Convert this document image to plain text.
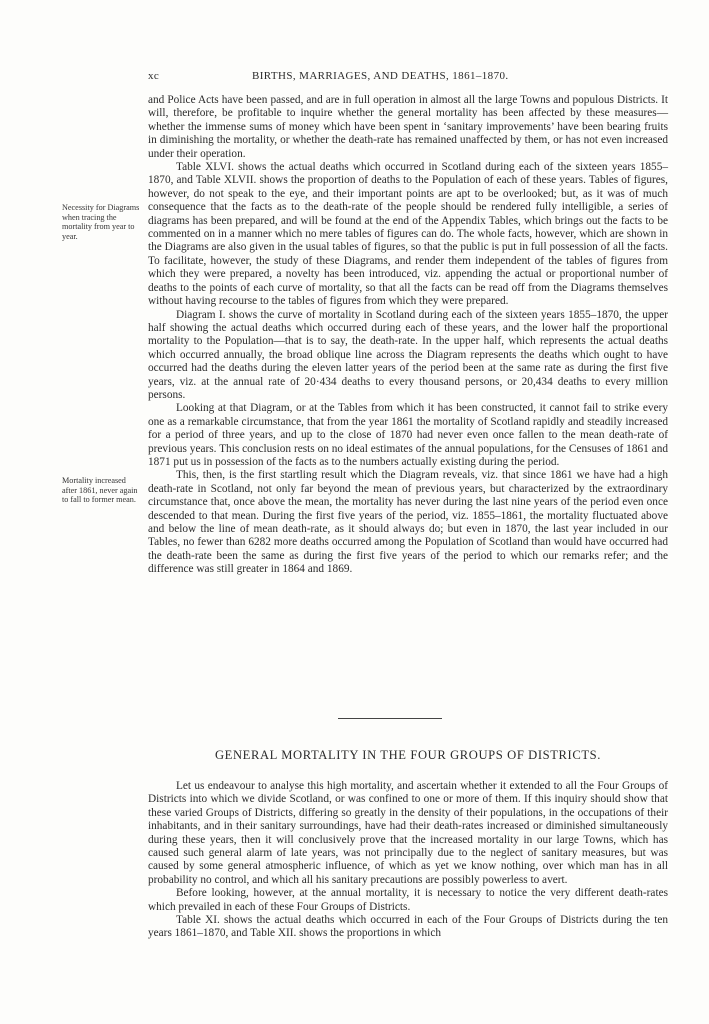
xc	BIRTHS, MARRIAGES, AND DEATHS, 1861–1870.
Necessity for Diagrams when tracing the mortality from year to year.
Mortality increased after 1861, never again to fall to former mean.

and Police Acts have been passed, and are in full operation in almost all the large Towns and populous Districts. It will, therefore, be profitable to inquire whether the general mortality has been affected by these measures—whether the immense sums of money which have been spent in ‘sanitary improvements’ have been bearing fruits in diminishing the mortality, or whether the death-rate has remained unaffected by them, or has not even increased under their operation.

Table XLVI. shows the actual deaths which occurred in Scotland during each of the sixteen years 1855–1870, and Table XLVII. shows the proportion of deaths to the Population of each of these years. Tables of figures, however, do not speak to the eye, and their important points are apt to be overlooked; but, as it was of much consequence that the facts as to the death-rate of the people should be rendered fully intelligible, a series of diagrams has been prepared, and will be found at the end of the Appendix Tables, which brings out the facts to be commented on in a manner which no mere tables of figures can do. The whole facts, however, which are shown in the Diagrams are also given in the usual tables of figures, so that the public is put in full possession of all the facts. To facilitate, however, the study of these Diagrams, and render them independent of the tables of figures from which they were prepared, a novelty has been introduced, viz. appending the actual or proportional number of deaths to the points of each curve of mortality, so that all the facts can be read off from the Diagrams themselves without having recourse to the tables of figures from which they were prepared.

Diagram I. shows the curve of mortality in Scotland during each of the sixteen years 1855–1870, the upper half showing the actual deaths which occurred during each of these years, and the lower half the proportional mortality to the Population—that is to say, the death-rate. In the upper half, which represents the actual deaths which occurred annually, the broad oblique line across the Diagram represents the deaths which ought to have occurred had the deaths during the eleven latter years of the period been at the same rate as during the first five years, viz. at the annual rate of 20·434 deaths to every thousand persons, or 20,434 deaths to every million persons.

Looking at that Diagram, or at the Tables from which it has been constructed, it cannot fail to strike every one as a remarkable circumstance, that from the year 1861 the mortality of Scotland rapidly and steadily increased for a period of three years, and up to the close of 1870 had never even once fallen to the mean death-rate of previous years. This conclusion rests on no ideal estimates of the annual populations, for the Censuses of 1861 and 1871 put us in possession of the facts as to the numbers actually existing during the period.

This, then, is the first startling result which the Diagram reveals, viz. that since 1861 we have had a high death-rate in Scotland, not only far beyond the mean of previous years, but characterized by the extraordinary circumstance that, once above the mean, the mortality has never during the last nine years of the period even once descended to that mean. During the first five years of the period, viz. 1855–1861, the mortality fluctuated above and below the line of mean death-rate, as it should always do; but even in 1870, the last year included in our Tables, no fewer than 6282 more deaths occurred among the Population of Scotland than would have occurred had the death-rate been the same as during the first five years of the period to which our remarks refer; and the difference was still greater in 1864 and 1869.

GENERAL MORTALITY IN THE FOUR GROUPS OF DISTRICTS.

Let us endeavour to analyse this high mortality, and ascertain whether it extended to all the Four Groups of Districts into which we divide Scotland, or was confined to one or more of them. If this inquiry should show that these varied Groups of Districts, differing so greatly in the density of their populations, in the occupations of their inhabitants, and in their sanitary surroundings, have had their death-rates increased or diminished simultaneously during these years, then it will conclusively prove that the increased mortality in our large Towns, which has caused such general alarm of late years, was not principally due to the neglect of sanitary measures, but was caused by some general atmospheric influence, of which as yet we know nothing, over which man has in all probability no control, and which all his sanitary precautions are possibly powerless to avert.

Before looking, however, at the annual mortality, it is necessary to notice the very different death-rates which prevailed in each of these Four Groups of Districts.

Table XI. shows the actual deaths which occurred in each of the Four Groups of Districts during the ten years 1861–1870, and Table XII. shows the proportions in which
